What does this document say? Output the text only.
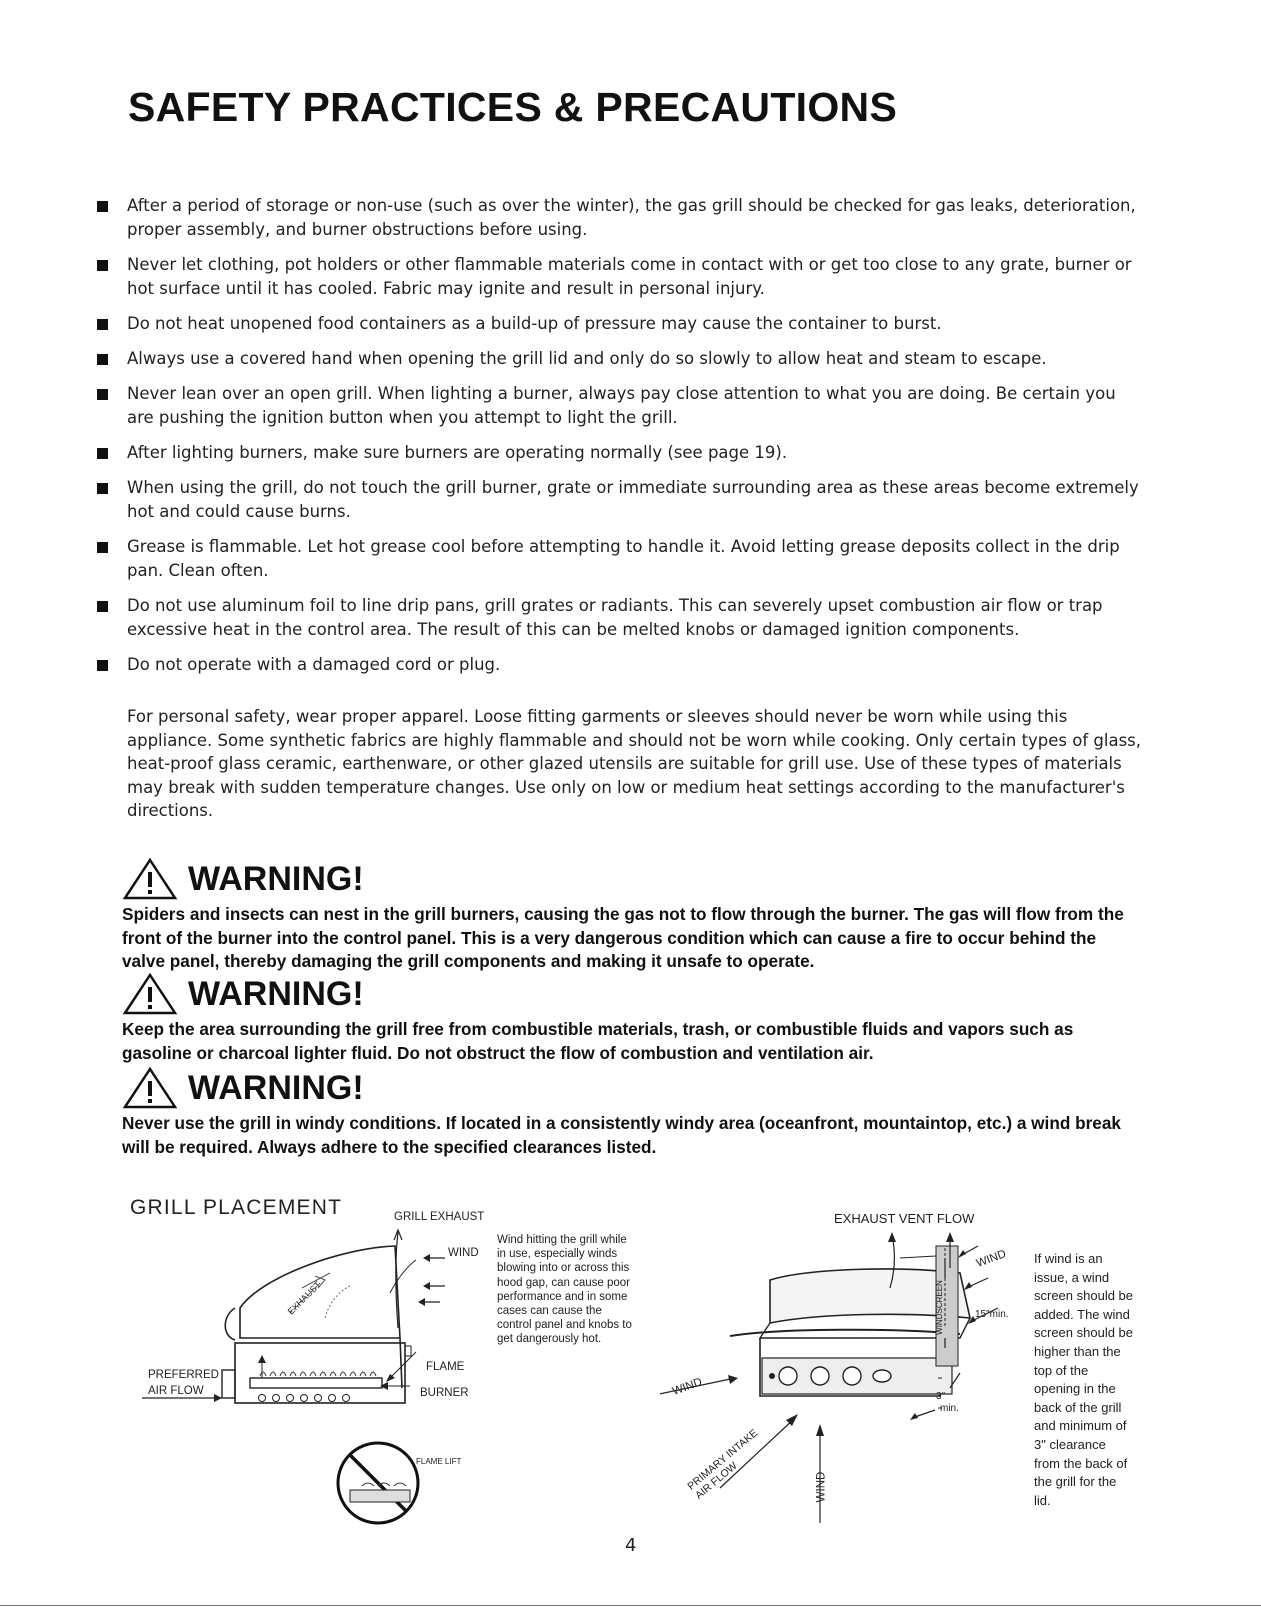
SAFETY PRACTICES & PRECAUTIONS
After a period of storage or non-use (such as over the winter), the gas grill should be checked for gas leaks, deterioration, proper assembly, and burner obstructions before using.
Never let clothing, pot holders or other flammable materials come in contact with or get too close to any grate, burner or hot surface until it has cooled. Fabric may ignite and result in personal injury.
Do not heat unopened food containers as a build-up of pressure may cause the container to burst.
Always use a covered hand when opening the grill lid and only do so slowly to allow heat and steam to escape.
Never lean over an open grill. When lighting a burner, always pay close attention to what you are doing. Be certain you are pushing the ignition button when you attempt to light the grill.
After lighting burners, make sure burners are operating normally (see page 19).
When using the grill, do not touch the grill burner, grate or immediate surrounding area as these areas become extremely hot and could cause burns.
Grease is flammable. Let hot grease cool before attempting to handle it. Avoid letting grease deposits collect in the drip pan. Clean often.
Do not use aluminum foil to line drip pans, grill grates or radiants. This can severely upset combustion air flow or trap excessive heat in the control area. The result of this can be melted knobs or damaged ignition components.
Do not operate with a damaged cord or plug.

For personal safety, wear proper apparel. Loose fitting garments or sleeves should never be worn while using this appliance. Some synthetic fabrics are highly flammable and should not be worn while cooking. Only certain types of glass, heat-proof glass ceramic, earthenware, or other glazed utensils are suitable for grill use. Use of these types of materials may break with sudden temperature changes. Use only on low or medium heat settings according to the manufacturer's directions.

WARNING!

Spiders and insects can nest in the grill burners, causing the gas not to flow through the burner. The gas will flow from the front of the burner into the control panel. This is a very dangerous condition which can cause a fire to occur behind the valve panel, thereby damaging the grill components and making it unsafe to operate.

WARNING!

Keep the area surrounding the grill free from combustible materials, trash, or combustible fluids and vapors such as gasoline or charcoal lighter fluid. Do not obstruct the flow of combustion and ventilation air.

WARNING!

Never use the grill in windy conditions. If located in a consistently windy area (oceanfront, mountaintop, etc.) a wind break will be required. Always adhere to the specified clearances listed.

GRILL PLACEMENT	GRILL EXHAUST
WIND
EXHAUST
PREFERRED
AIR FLOW
FLAME
BURNER
FLAME LIFT
Wind hitting the grill while in use, especially winds blowing into or across this hood gap, can cause poor performance and in some cases can cause the control panel and knobs to get dangerously hot.
EXHAUST VENT FLOW
WIND
WINDSCREEN	15"min.
3"
min.
WIND
PRIMARY INTAKE AIR FLOW	WIND
If wind is an issue, a wind screen should be added. The wind screen should be higher than the top of the opening in the back of the grill and minimum of 3" clearance from the back of the grill for the lid.
4
